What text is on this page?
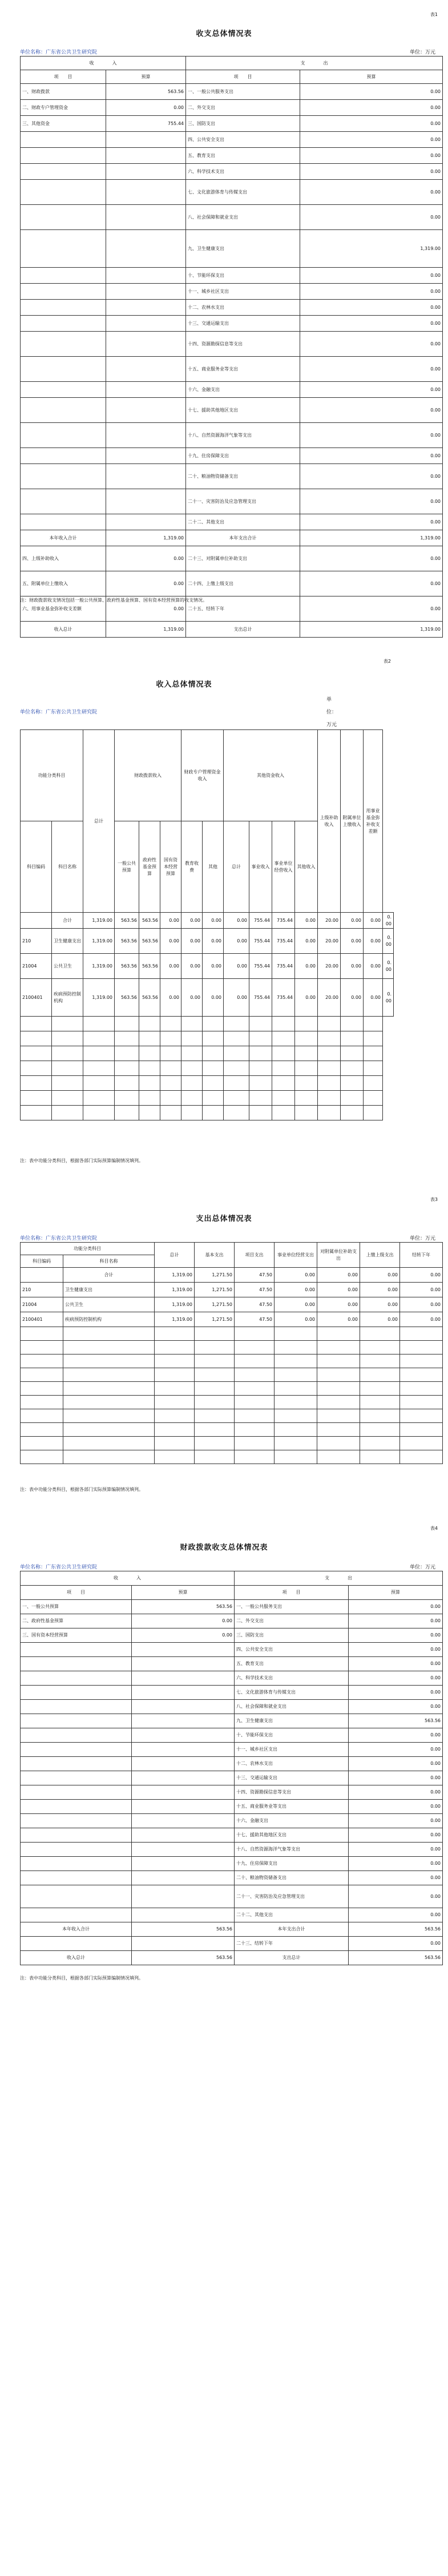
表1
收支总体情况表
单位名称：广东省公共卫生研究院	单位：万元
收　　　　入		支　　　　出	
项　　目	预算	项　　目	预算
一、财政拨款	563.56	一、一般公共服务支出	0.00
二、财政专户管理资金	0.00	二、外交支出	0.00
三、其他资金	755.44	三、国防支出	0.00
		四、公共安全支出	0.00
		五、教育支出	0.00
		六、科学技术支出	0.00
		七、文化旅游体育与传媒支出	0.00
		八、社会保障和就业支出	0.00
		九、卫生健康支出	1,319.00
		十、节能环保支出	0.00
		十一、城乡社区支出	0.00
		十二、农林水支出	0.00
		十三、交通运输支出	0.00
		十四、资源勘探信息等支出	0.00
		十五、商业服务业等支出	0.00
		十六、金融支出	0.00
		十七、援助其他地区支出	0.00
		十八、自然资源海洋气象等支出	0.00
		十九、住房保障支出	0.00
		二十、粮油物资储备支出	0.00
		二十一、灾害防治及应急管理支出	0.00
		二十二、其他支出	0.00
本年收入合计	1,319.00	本年支出合计	1,319.00
四、上级补助收入	0.00	二十三、对附属单位补助支出	0.00
五、附属单位上缴收入	0.00	二十四、上缴上级支出	0.00
六、用事业基金弥补收支差额	0.00	二十五、结转下年	0.00
收入总计	1,319.00	支出总计	1,319.00
注：财政拨款收支情况包括一般公共预算、政府性基金预算、国有资本经营预算的收支情况。
表2
收入总体情况表
单位名称：广东省公共卫生研究院
单
位：
万元
功能分类科目		总计	财政拨款收入			财政专户管理资金收入		其他资金收入				上级补助收入	附属单位上缴收入	用事业基金弥补收支差额	

科目编码	科目名称		一般公共预算	政府性基金预算	国有资本经营预算	教育收费	其他	总计	事业收入	事业单位经营收入	其他收入				
	合计	1,319.00	563.56	563.56	0.00	0.00	0.00	0.00	755.44	735.44	0.00	20.00	0.00	0.00	0.00
210	卫生健康支出	1,319.00	563.56	563.56	0.00	0.00	0.00	0.00	755.44	735.44	0.00	20.00	0.00	0.00	0.00
21004	公共卫生	1,319.00	563.56	563.56	0.00	0.00	0.00	0.00	755.44	735.44	0.00	20.00	0.00	0.00	0.00
2100401	疾病预防控制机构	1,319.00	563.56	563.56	0.00	0.00	0.00	0.00	755.44	735.44	0.00	20.00	0.00	0.00	0.00

注：表中功能分类科目，根据各部门实际预算编制情况填列。
表3
支出总体情况表
单位名称：广东省公共卫生研究院	单位：万元
功能分类科目		总计	基本支出	项目支出	事业单位经营支出	对附属单位补助支出	上缴上级支出	结转下年
科目编码	科目名称							
	合计	1,319.00	1,271.50	47.50	0.00	0.00	0.00	0.00
210	卫生健康支出	1,319.00	1,271.50	47.50	0.00	0.00	0.00	0.00
21004	公共卫生	1,319.00	1,271.50	47.50	0.00	0.00	0.00	0.00
2100401	疾病预防控制机构	1,319.00	1,271.50	47.50	0.00	0.00	0.00	0.00

注：表中功能分类科目，根据各部门实际预算编制情况填列。
表4
财政拨款收支总体情况表
单位名称：广东省公共卫生研究院	单位：万元
收　　　　入		支　　　　出	
项　　目	预算	项　　目	预算
一、一般公共预算	563.56	一、一般公共服务支出	0.00
二、政府性基金预算	0.00	二、外交支出	0.00
三、国有资本经营预算	0.00	三、国防支出	0.00
		四、公共安全支出	0.00
		五、教育支出	0.00
		六、科学技术支出	0.00
		七、文化旅游体育与传媒支出	0.00
		八、社会保障和就业支出	0.00
		九、卫生健康支出	563.56
		十、节能环保支出	0.00
		十一、城乡社区支出	0.00
		十二、农林水支出	0.00
		十三、交通运输支出	0.00
		十四、资源勘探信息等支出	0.00
		十五、商业服务业等支出	0.00
		十六、金融支出	0.00
		十七、援助其他地区支出	0.00
		十八、自然资源海洋气象等支出	0.00
		十九、住房保障支出	0.00
		二十、粮油物资储备支出	0.00
		二十一、灾害防治及应急管理支出	0.00
		二十二、其他支出	0.00
本年收入合计	563.56	本年支出合计	563.56
		二十三、结转下年	0.00
收入总计	563.56	支出总计	563.56
注：表中功能分类科目，根据各部门实际预算编制情况填列。
